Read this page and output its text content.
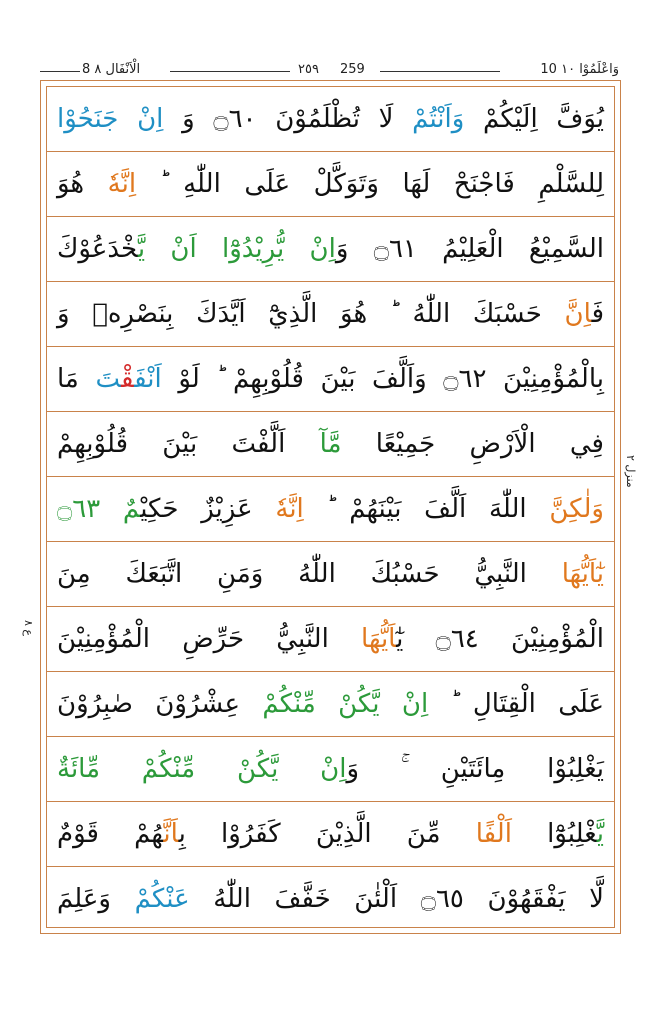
8 الْاَنْفَال ٨	٢٥٩ 259	10 وَاعْلَمُوْا ١٠
يُوَفَّ اِلَيْكُمْ وَاَنْتُمْ لَا تُظْلَمُوْنَ ۝٦٠ وَ اِنْ جَنَحُوْا
لِلسَّلْمِ فَاجْنَحْ لَهَا وَتَوَكَّلْ عَلَى اللّٰهِ ؕ اِنَّهٗ هُوَ
السَّمِيْعُ الْعَلِيْمُ ۝٦١ وَاِنْ يُّرِيْدُوْٓا اَنْ يَّخْدَعُوْكَ
فَاِنَّ حَسْبَكَ اللّٰهُ ؕ هُوَ الَّذِيْٓ اَيَّدَكَ بِنَصْرِهٖ وَ
بِالْمُؤْمِنِيْنَ ۝٦٢ وَاَلَّفَ بَيْنَ قُلُوْبِهِمْ ؕ لَوْ اَنْفَقْتَ مَا
فِي الْاَرْضِ جَمِيْعًا مَّآ اَلَّفْتَ بَيْنَ قُلُوْبِهِمْ
وَلٰكِنَّ اللّٰهَ اَلَّفَ بَيْنَهُمْ ؕ اِنَّهٗ عَزِيْزٌ حَكِيْمٌ ۝٦٣
يٰٓاَيُّهَا النَّبِيُّ حَسْبُكَ اللّٰهُ وَمَنِ اتَّبَعَكَ مِنَ
الْمُؤْمِنِيْنَ ۝٦٤ يٰٓاَيُّهَا النَّبِيُّ حَرِّضِ الْمُؤْمِنِيْنَ
عَلَى الْقِتَالِ ؕ اِنْ يَّكُنْ مِّنْكُمْ عِشْرُوْنَ صٰبِرُوْنَ
يَغْلِبُوْا مِائَتَيْنِ ۚ وَاِنْ يَّكُنْ مِّنْكُمْ مِّائَةٌ
يَّغْلِبُوْٓا اَلْفًا مِّنَ الَّذِيْنَ كَفَرُوْا بِاَنَّهُمْ قَوْمٌ
لَّا يَفْقَهُوْنَ ۝٦٥ اَلْئٰنَ خَفَّفَ اللّٰهُ عَنْكُمْ وَعَلِمَ
منزل ٢
ع ٨
